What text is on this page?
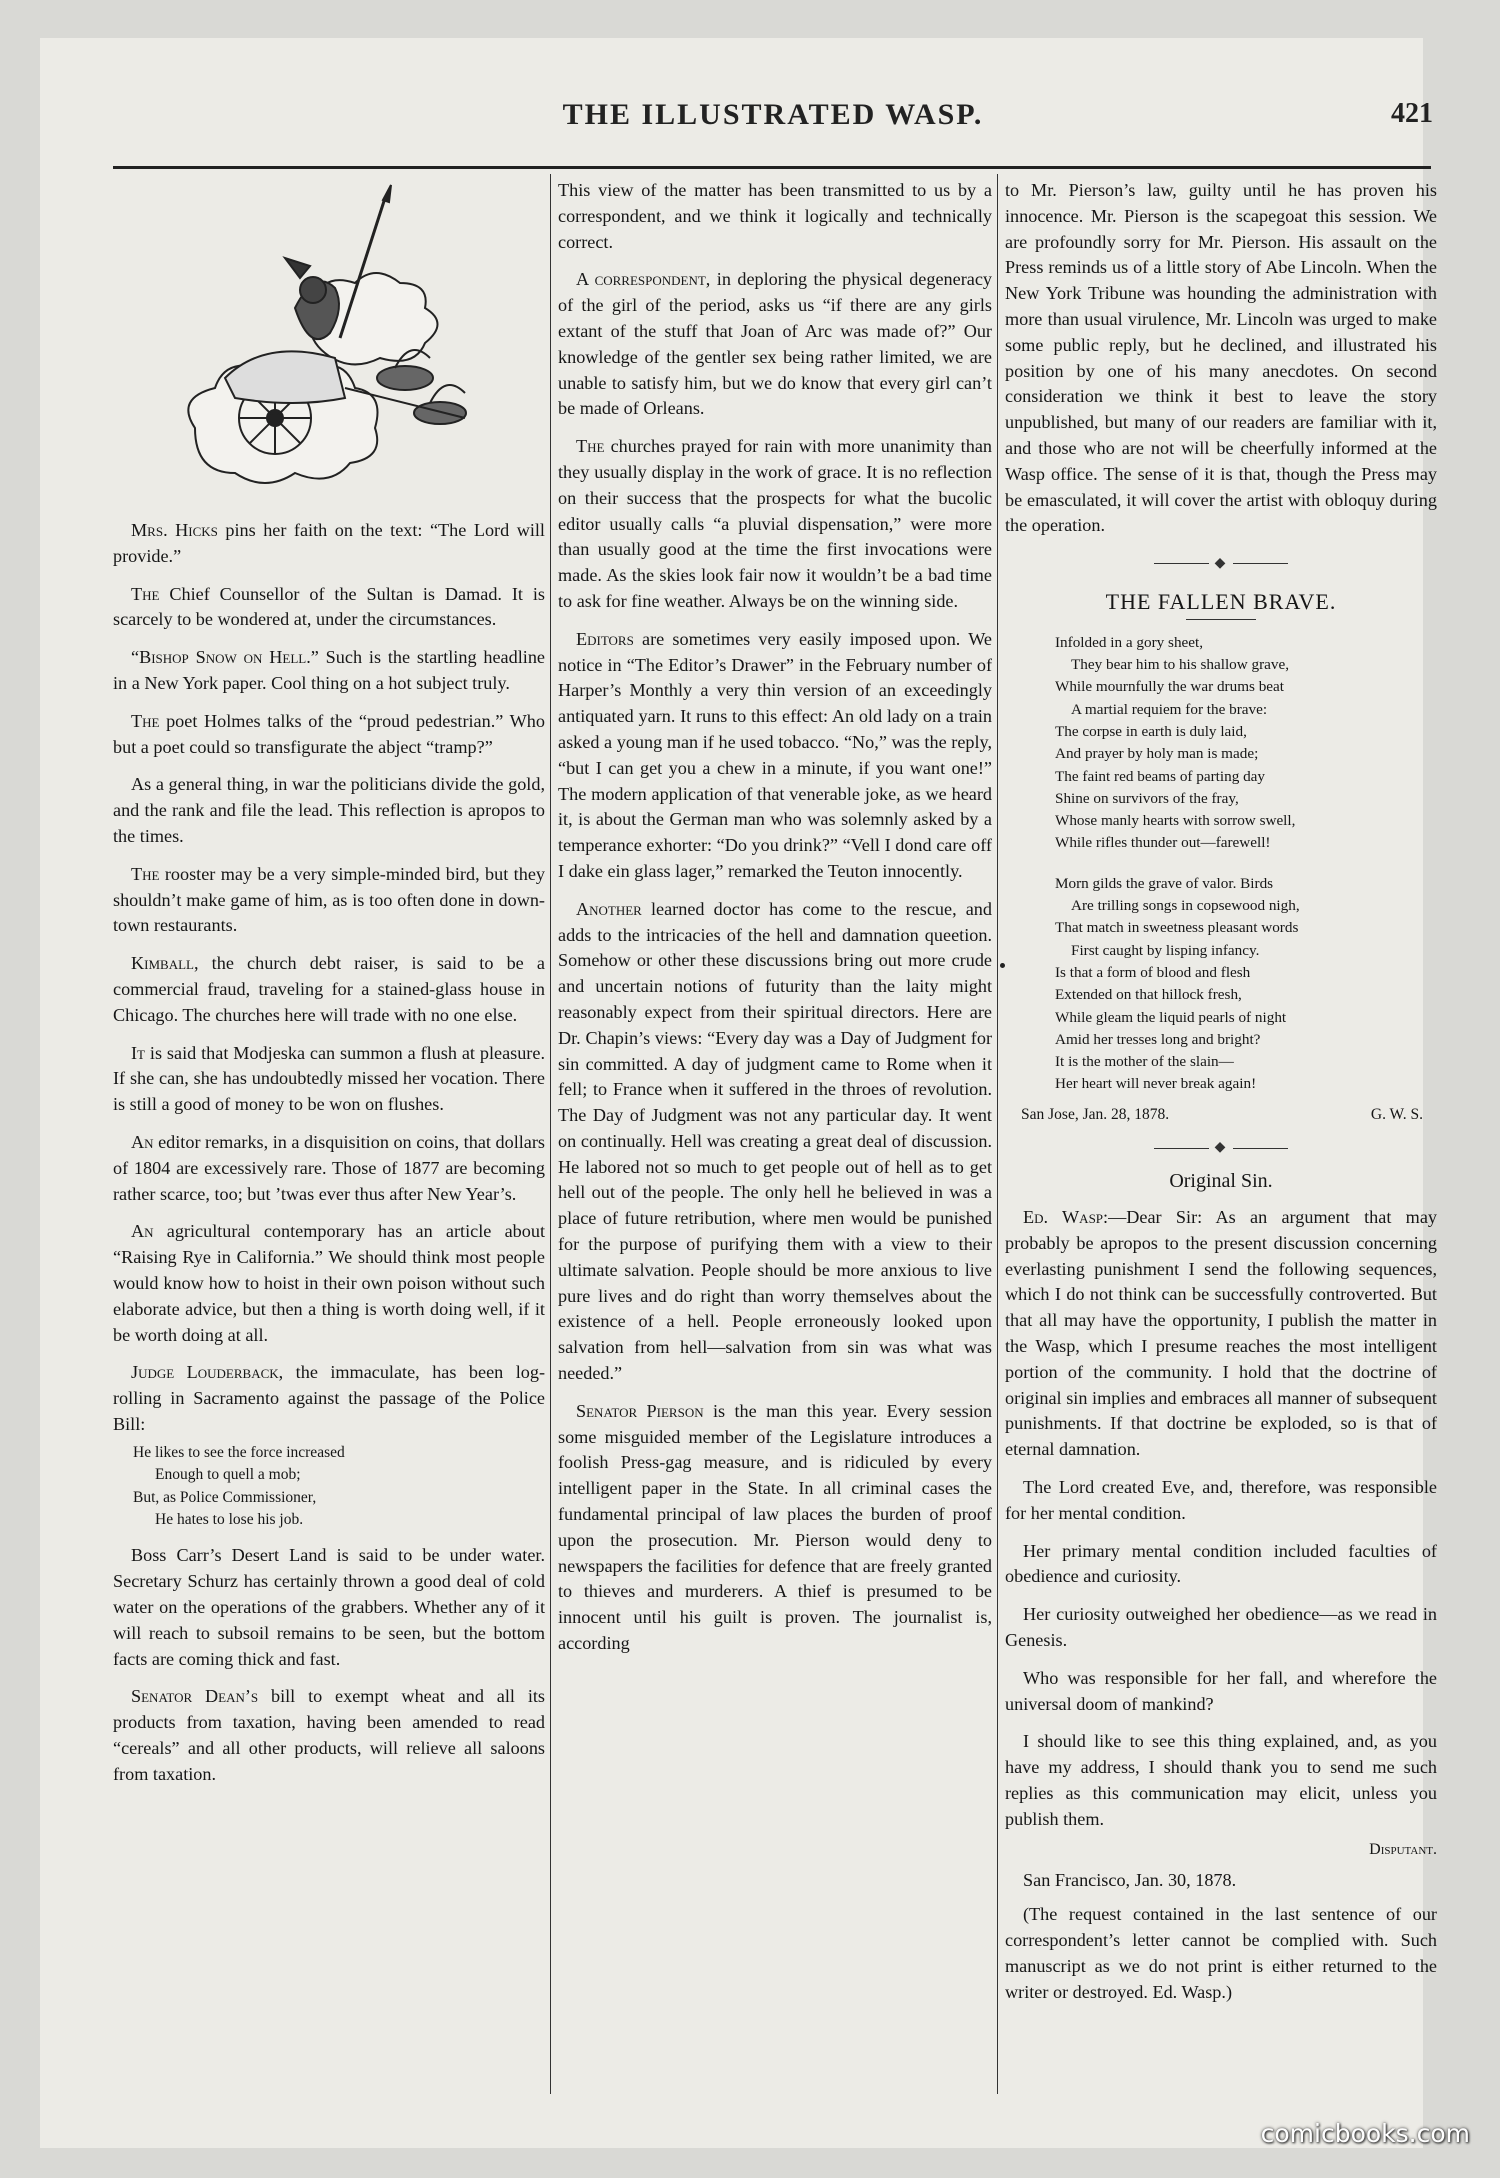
THE ILLUSTRATED WASP.	421

Mrs. Hicks pins her faith on the text: “The Lord will provide.”

The Chief Counsellor of the Sultan is Damad. It is scarcely to be wondered at, under the circumstances.

“Bishop Snow on Hell.” Such is the startling headline in a New York paper. Cool thing on a hot subject truly.

The poet Holmes talks of the “proud pedestrian.” Who but a poet could so transfigurate the abject “tramp?”

As a general thing, in war the politicians divide the gold, and the rank and file the lead. This reflection is apropos to the times.

The rooster may be a very simple-minded bird, but they shouldn’t make game of him, as is too often done in down-town restaurants.

Kimball, the church debt raiser, is said to be a commercial fraud, traveling for a stained-glass house in Chicago. The churches here will trade with no one else.

It is said that Modjeska can summon a flush at pleasure. If she can, she has undoubtedly missed her vocation. There is still a good of money to be won on flushes.

An editor remarks, in a disquisition on coins, that dollars of 1804 are excessively rare. Those of 1877 are becoming rather scarce, too; but ’twas ever thus after New Year’s.

An agricultural contemporary has an article about “Raising Rye in California.” We should think most people would know how to hoist in their own poison without such elaborate advice, but then a thing is worth doing well, if it be worth doing at all.

Judge Louderback, the immaculate, has been log-rolling in Sacramento against the passage of the Police Bill:

He likes to see the force increased
Enough to quell a mob;
But, as Police Commissioner,
He hates to lose his job.

Boss Carr’s Desert Land is said to be under water. Secretary Schurz has certainly thrown a good deal of cold water on the operations of the grabbers. Whether any of it will reach to subsoil remains to be seen, but the bottom facts are coming thick and fast.

Senator Dean’s bill to exempt wheat and all its products from taxation, having been amended to read “cereals” and all other products, will relieve all saloons from taxation.

This view of the matter has been transmitted to us by a correspondent, and we think it logically and technically correct.

A correspondent, in deploring the physical degeneracy of the girl of the period, asks us “if there are any girls extant of the stuff that Joan of Arc was made of?” Our knowledge of the gentler sex being rather limited, we are unable to satisfy him, but we do know that every girl can’t be made of Orleans.

The churches prayed for rain with more unanimity than they usually display in the work of grace. It is no reflection on their success that the prospects for what the bucolic editor usually calls “a pluvial dispensation,” were more than usually good at the time the first invocations were made. As the skies look fair now it wouldn’t be a bad time to ask for fine weather. Always be on the winning side.

Editors are sometimes very easily imposed upon. We notice in “The Editor’s Drawer” in the February number of Harper’s Monthly a very thin version of an exceedingly antiquated yarn. It runs to this effect: An old lady on a train asked a young man if he used tobacco. “No,” was the reply, “but I can get you a chew in a minute, if you want one!” The modern application of that venerable joke, as we heard it, is about the German man who was solemnly asked by a temperance exhorter: “Do you drink?” “Vell I dond care off I dake ein glass lager,” remarked the Teuton innocently.

Another learned doctor has come to the rescue, and adds to the intricacies of the hell and damnation queetion. Somehow or other these discussions bring out more crude and uncertain notions of futurity than the laity might reasonably expect from their spiritual directors. Here are Dr. Chapin’s views: “Every day was a Day of Judgment for sin committed. A day of judgment came to Rome when it fell; to France when it suffered in the throes of revolution. The Day of Judgment was not any particular day. It went on continually. Hell was creating a great deal of discussion. He labored not so much to get people out of hell as to get hell out of the people. The only hell he believed in was a place of future retribution, where men would be punished for the purpose of purifying them with a view to their ultimate salvation. People should be more anxious to live pure lives and do right than worry themselves about the existence of a hell. People erroneously looked upon salvation from hell—salvation from sin was what was needed.”

Senator Pierson is the man this year. Every session some misguided member of the Legislature introduces a foolish Press-gag measure, and is ridiculed by every intelligent paper in the State. In all criminal cases the fundamental principal of law places the burden of proof upon the prosecution. Mr. Pierson would deny to newspapers the facilities for defence that are freely granted to thieves and murderers. A thief is presumed to be innocent until his guilt is proven. The journalist is, according

to Mr. Pierson’s law, guilty until he has proven his innocence. Mr. Pierson is the scapegoat this session. We are profoundly sorry for Mr. Pierson. His assault on the Press reminds us of a little story of Abe Lincoln. When the New York Tribune was hounding the administration with more than usual virulence, Mr. Lincoln was urged to make some public reply, but he declined, and illustrated his position by one of his many anecdotes. On second consideration we think it best to leave the story unpublished, but many of our readers are familiar with it, and those who are not will be cheerfully informed at the Wasp office. The sense of it is that, though the Press may be emasculated, it will cover the artist with obloquy during the operation.

◆
THE FALLEN BRAVE.
Infolded in a gory sheet,
They bear him to his shallow grave,
While mournfully the war drums beat
A martial requiem for the brave:
The corpse in earth is duly laid,
And prayer by holy man is made;
The faint red beams of parting day
Shine on survivors of the fray,
Whose manly hearts with sorrow swell,
While rifles thunder out—farewell!
Morn gilds the grave of valor. Birds
Are trilling songs in copsewood nigh,
That match in sweetness pleasant words
First caught by lisping infancy.
Is that a form of blood and flesh
Extended on that hillock fresh,
While gleam the liquid pearls of night
Amid her tresses long and bright?
It is the mother of the slain—
Her heart will never break again!
San Jose, Jan. 28, 1878.	G. W. S.
◆
Original Sin.

Ed. Wasp:—Dear Sir: As an argument that may probably be apropos to the present discussion concerning everlasting punishment I send the following sequences, which I do not think can be successfully controverted. But that all may have the opportunity, I publish the matter in the Wasp, which I presume reaches the most intelligent portion of the community. I hold that the doctrine of original sin implies and embraces all manner of subsequent punishments. If that doctrine be exploded, so is that of eternal damnation.

The Lord created Eve, and, therefore, was responsible for her mental condition.

Her primary mental condition included faculties of obedience and curiosity.

Her curiosity outweighed her obedience—as we read in Genesis.

Who was responsible for her fall, and wherefore the universal doom of mankind?

I should like to see this thing explained, and, as you have my address, I should thank you to send me such replies as this communication may elicit, unless you publish them.

Disputant.
San Francisco, Jan. 30, 1878.

(The request contained in the last sentence of our correspondent’s letter cannot be complied with. Such manuscript as we do not print is either returned to the writer or destroyed. Ed. Wasp.)

comicbooks.com
